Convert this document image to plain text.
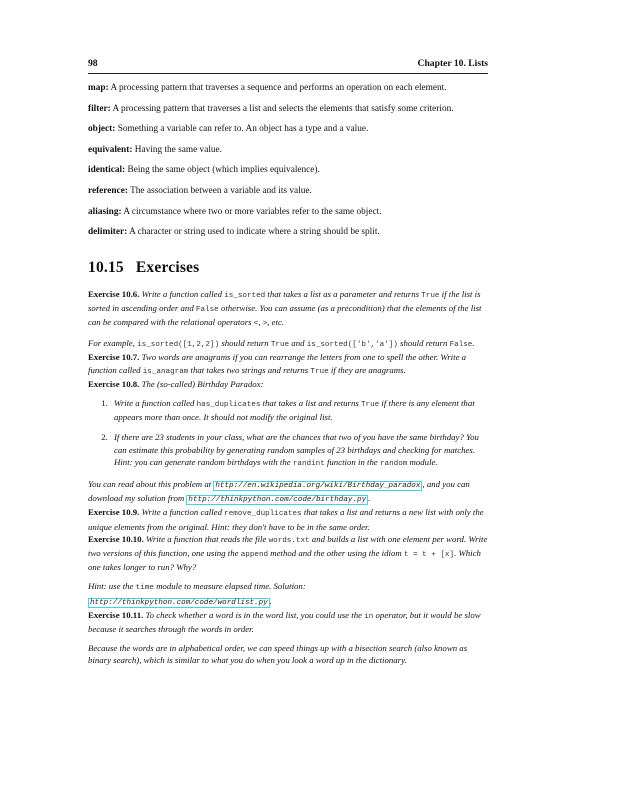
98	Chapter 10. Lists
map: A processing pattern that traverses a sequence and performs an operation on each element.
filter: A processing pattern that traverses a list and selects the elements that satisfy some criterion.
object: Something a variable can refer to. An object has a type and a value.
equivalent: Having the same value.
identical: Being the same object (which implies equivalence).
reference: The association between a variable and its value.
aliasing: A circumstance where two or more variables refer to the same object.
delimiter: A character or string used to indicate where a string should be split.
10.15 Exercises

Exercise 10.6. Write a function called is_sorted that takes a list as a parameter and returns True if the list is sorted in ascending order and False otherwise. You can assume (as a precondition) that the elements of the list can be compared with the relational operators <, >, etc.

For example, is_sorted([1,2,2]) should return True and is_sorted(['b','a']) should return False.

Exercise 10.7. Two words are anagrams if you can rearrange the letters from one to spell the other. Write a function called is_anagram that takes two strings and returns True if they are anagrams.

Exercise 10.8. The (so-called) Birthday Paradox:

1. Write a function called has_duplicates that takes a list and returns True if there is any element that appears more than once. It should not modify the original list.
2. If there are 23 students in your class, what are the chances that two of you have the same birthday? You can estimate this probability by generating random samples of 23 birthdays and checking for matches. Hint: you can generate random birthdays with the randint function in the random module.

You can read about this problem at http://en.wikipedia.org/wiki/Birthday_paradox , and you can download my solution from http://thinkpython.com/code/birthday.py .

Exercise 10.9. Write a function called remove_duplicates that takes a list and returns a new list with only the unique elements from the original. Hint: they don't have to be in the same order.

Exercise 10.10. Write a function that reads the file words.txt and builds a list with one element per word. Write two versions of this function, one using the append method and the other using the idiom t = t + [x]. Which one takes longer to run? Why?

Hint: use the time module to measure elapsed time. Solution: http://thinkpython.com/code/wordlist.py .

Exercise 10.11. To check whether a word is in the word list, you could use the in operator, but it would be slow because it searches through the words in order.

Because the words are in alphabetical order, we can speed things up with a bisection search (also known as binary search), which is similar to what you do when you look a word up in the dictionary.
